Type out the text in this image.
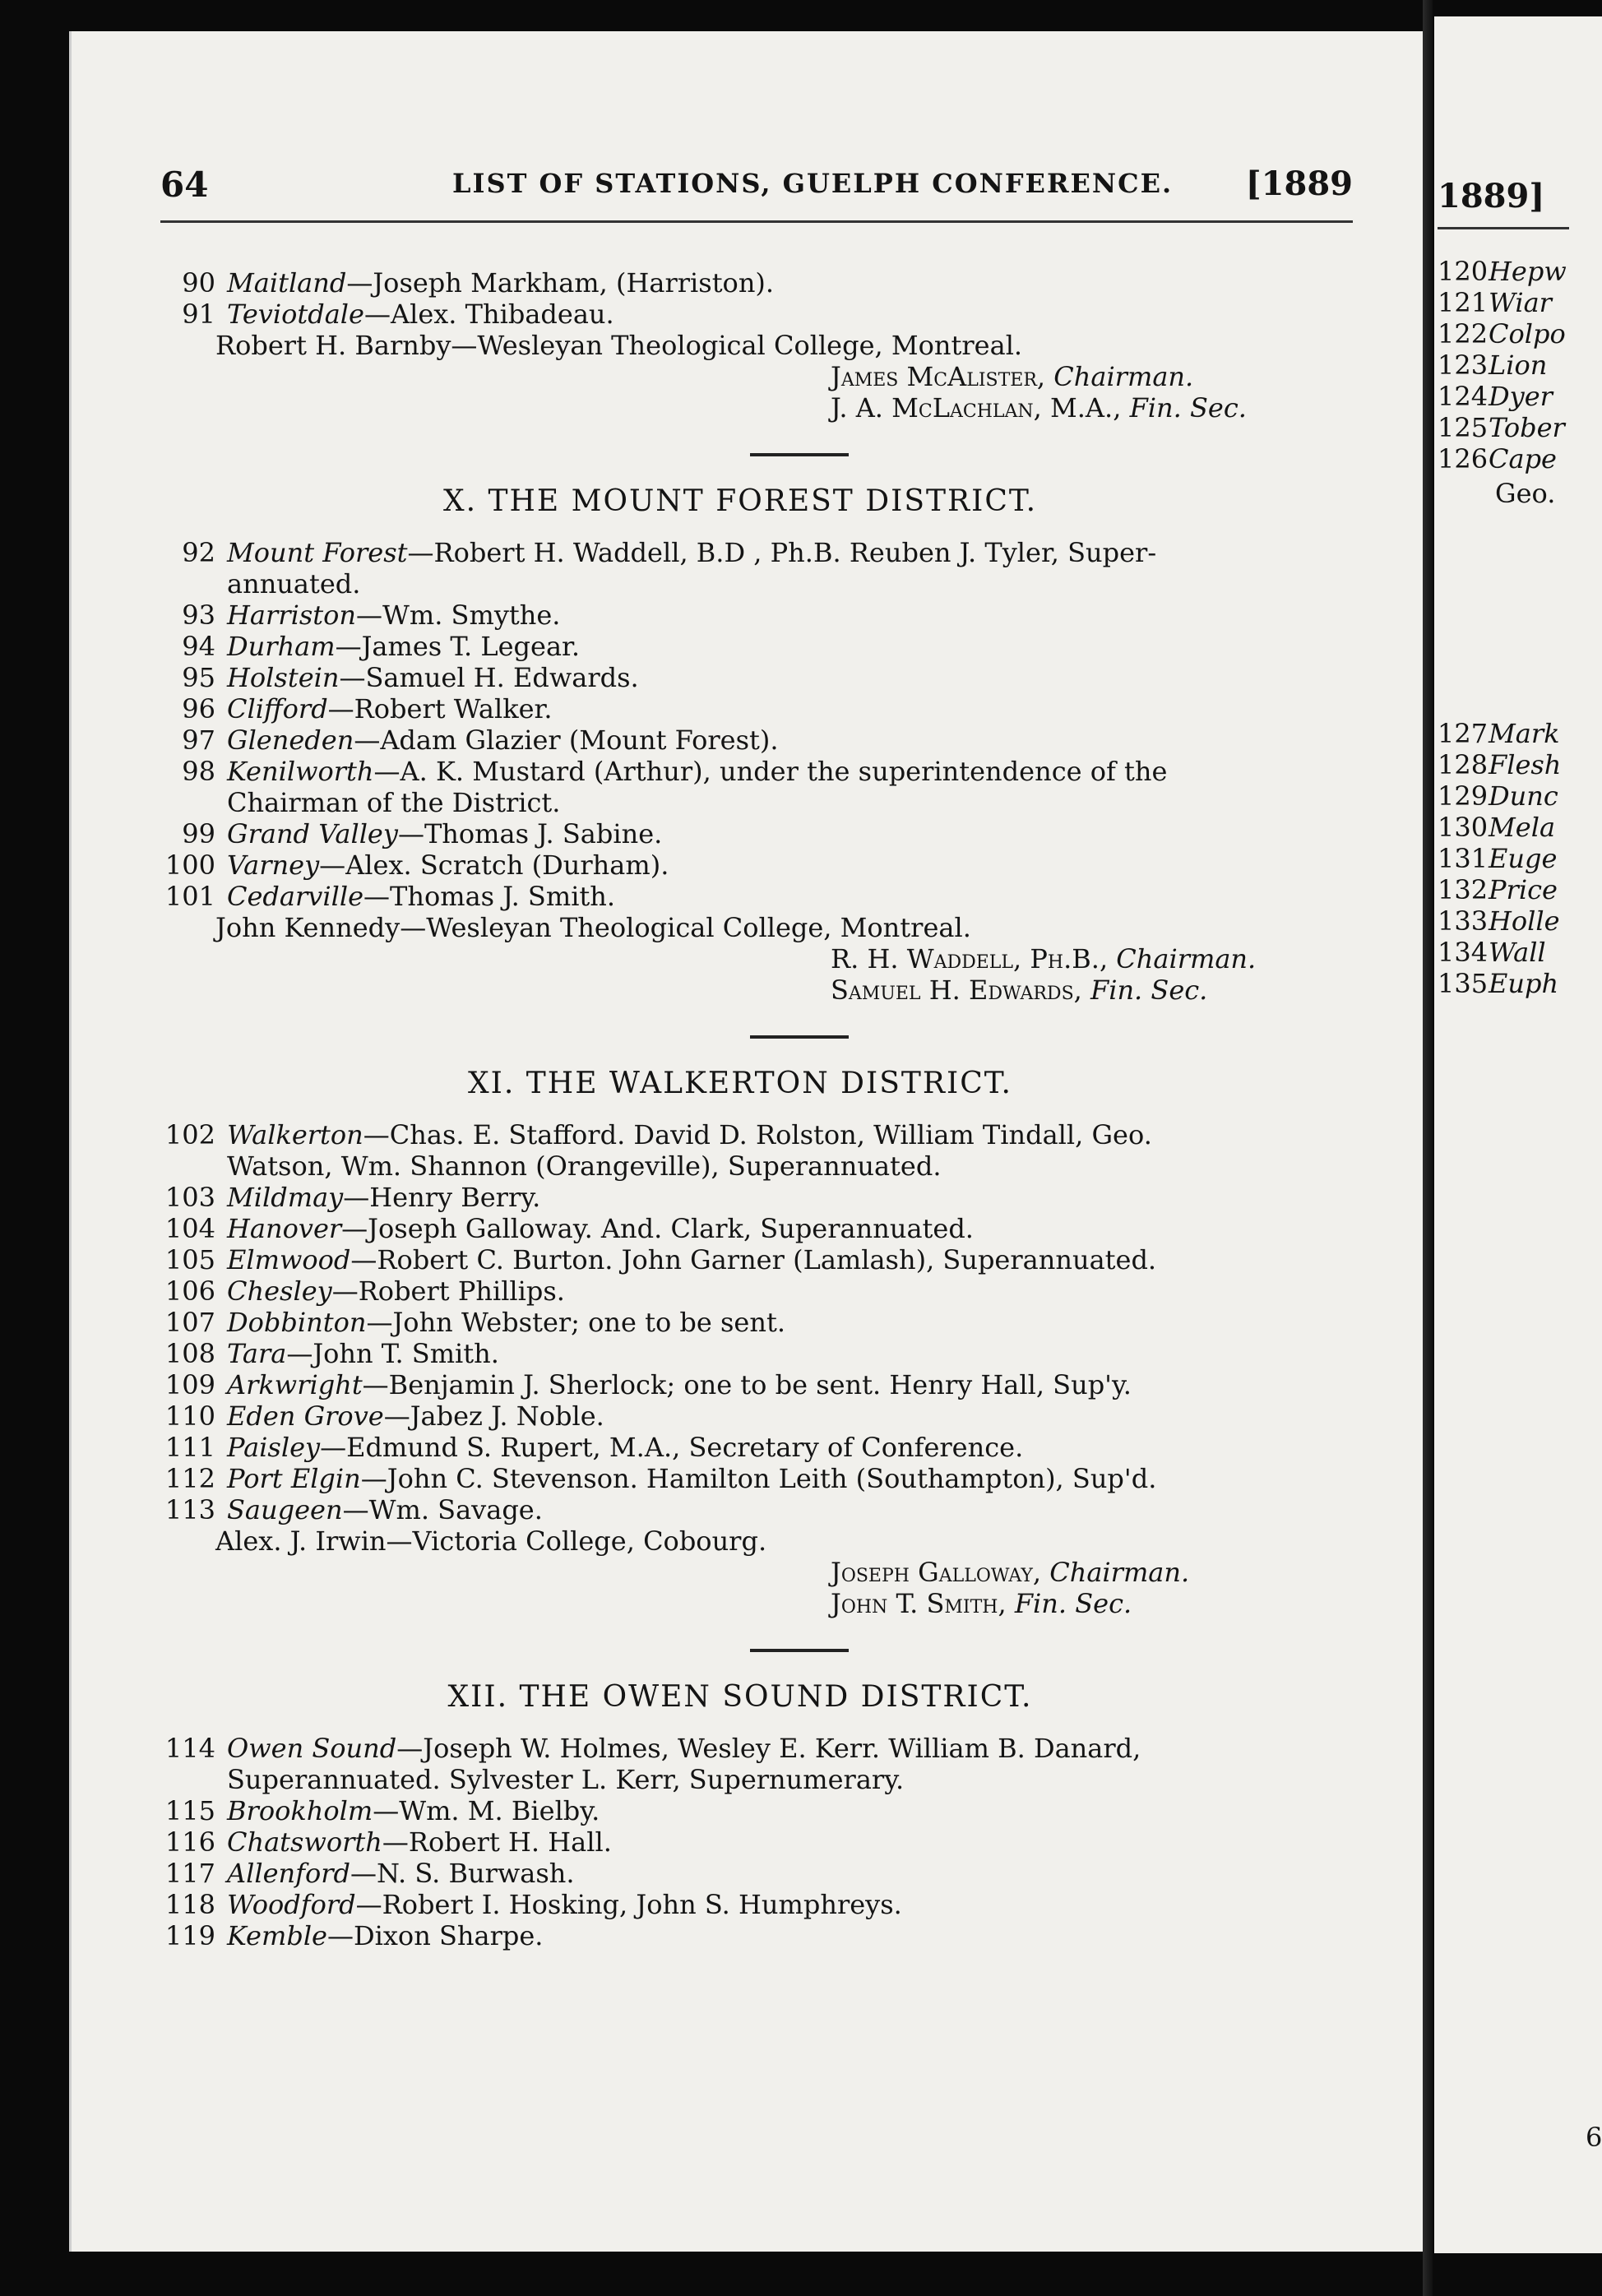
1889]
120Hepw
121Wiar
122Colpo
123Lion
124Dyer
125Tober
126Cape
Geo.
127Mark
128Flesh
129Dunc
130Mela
131Euge
132Price
133Holle
134Wall
135Euph
6
64	LIST OF STATIONS, GUELPH CONFERENCE. [1889
90 Maitland—Joseph Markham, (Harriston).
91 Teviotdale—Alex. Thibadeau.
Robert H. Barnby—Wesleyan Theological College, Montreal.
James McAlister, Chairman.
J. A. McLachlan, M.A., Fin. Sec.
X. THE MOUNT FOREST DISTRICT.
92 Mount Forest—Robert H. Waddell, B.D , Ph.B. Reuben J. Tyler, Super-
annuated.
93 Harriston—Wm. Smythe.
94 Durham—James T. Legear.
95 Holstein—Samuel H. Edwards.
96 Clifford—Robert Walker.
97 Gleneden—Adam Glazier (Mount Forest).
98 Kenilworth—A. K. Mustard (Arthur), under the superintendence of the
Chairman of the District.
99 Grand Valley—Thomas J. Sabine.
100 Varney—Alex. Scratch (Durham).
101 Cedarville—Thomas J. Smith.
John Kennedy—Wesleyan Theological College, Montreal.
R. H. Waddell, Ph.B., Chairman.
Samuel H. Edwards, Fin. Sec.
XI. THE WALKERTON DISTRICT.
102 Walkerton—Chas. E. Stafford. David D. Rolston, William Tindall, Geo.
Watson, Wm. Shannon (Orangeville), Superannuated.
103 Mildmay—Henry Berry.
104 Hanover—Joseph Galloway. And. Clark, Superannuated.
105 Elmwood—Robert C. Burton. John Garner (Lamlash), Superannuated.
106 Chesley—Robert Phillips.
107 Dobbinton—John Webster; one to be sent.
108 Tara—John T. Smith.
109 Arkwright—Benjamin J. Sherlock; one to be sent. Henry Hall, Sup'y.
110 Eden Grove—Jabez J. Noble.
111 Paisley—Edmund S. Rupert, M.A., Secretary of Conference.
112 Port Elgin—John C. Stevenson. Hamilton Leith (Southampton), Sup'd.
113 Saugeen—Wm. Savage.
Alex. J. Irwin—Victoria College, Cobourg.
Joseph Galloway, Chairman.
John T. Smith, Fin. Sec.
XII. THE OWEN SOUND DISTRICT.
114 Owen Sound—Joseph W. Holmes, Wesley E. Kerr. William B. Danard,
Superannuated. Sylvester L. Kerr, Supernumerary.
115 Brookholm—Wm. M. Bielby.
116 Chatsworth—Robert H. Hall.
117 Allenford—N. S. Burwash.
118 Woodford—Robert I. Hosking, John S. Humphreys.
119 Kemble—Dixon Sharpe.
